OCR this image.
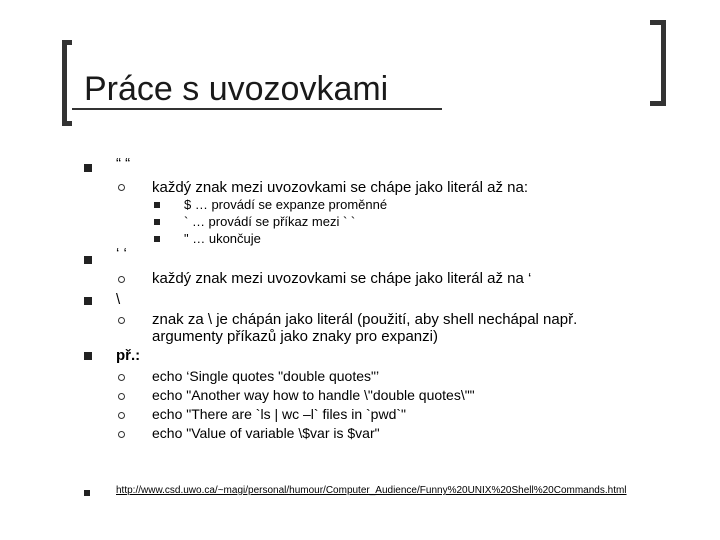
Práce s uvozovkami
“ “
každý znak mezi uvozovkami se chápe jako literál až na:
$ … provádí se expanze proměnné
` … provádí se příkaz mezi ` `
" … ukončuje
‘ ‘
každý znak mezi uvozovkami se chápe jako literál až na ‘
\
znak za \ je chápán jako literál (použití, aby shell nechápal např.
argumenty příkazů jako znaky pro expanzi)
př.:
echo ‘Single quotes "double quotes"’
echo "Another way how to handle \"double quotes\""
echo "There are `ls | wc –l` files in `pwd`"
echo "Value of variable \$var is $var"
http://www.csd.uwo.ca/~magi/personal/humour/Computer_Audience/Funny%20UNIX%20Shell%20Commands.html
